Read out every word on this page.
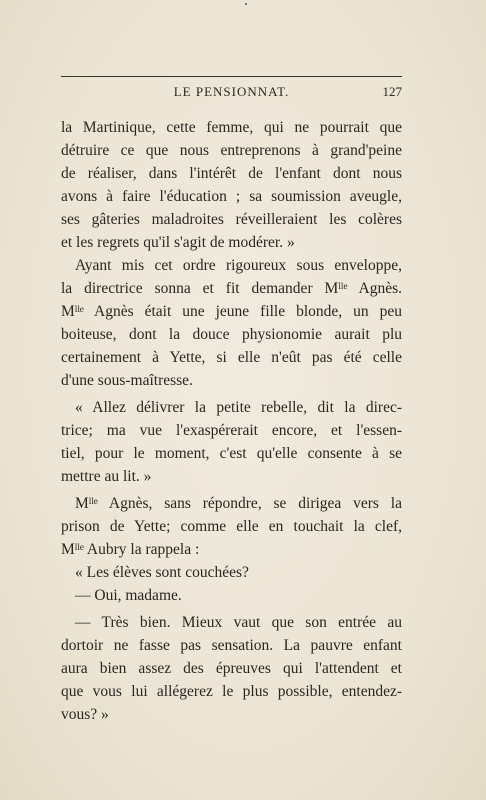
LE PENSIONNAT.	127
la Martinique, cette femme, qui ne pourrait que
détruire ce que nous entreprenons à grand'peine
de réaliser, dans l'intérêt de l'enfant dont nous
avons à faire l'éducation ; sa soumission aveugle,
ses gâteries maladroites réveilleraient les colères
et les regrets qu'il s'agit de modérer. »
Ayant mis cet ordre rigoureux sous enveloppe,
la directrice sonna et fit demander Mˡˡᵉ Agnès.
Mˡˡᵉ Agnès était une jeune fille blonde, un peu
boiteuse, dont la douce physionomie aurait plu
certainement à Yette, si elle n'eût pas été celle
d'une sous-maîtresse.
« Allez délivrer la petite rebelle, dit la direc-
trice; ma vue l'exaspérerait encore, et l'essen-
tiel, pour le moment, c'est qu'elle consente à se
mettre au lit. »
Mˡˡᵉ Agnès, sans répondre, se dirigea vers la
prison de Yette; comme elle en touchait la clef,
Mˡˡᵉ Aubry la rappela :
« Les élèves sont couchées?
— Oui, madame.
— Très bien. Mieux vaut que son entrée au
dortoir ne fasse pas sensation. La pauvre enfant
aura bien assez des épreuves qui l'attendent et
que vous lui allégerez le plus possible, entendez-
vous? »
